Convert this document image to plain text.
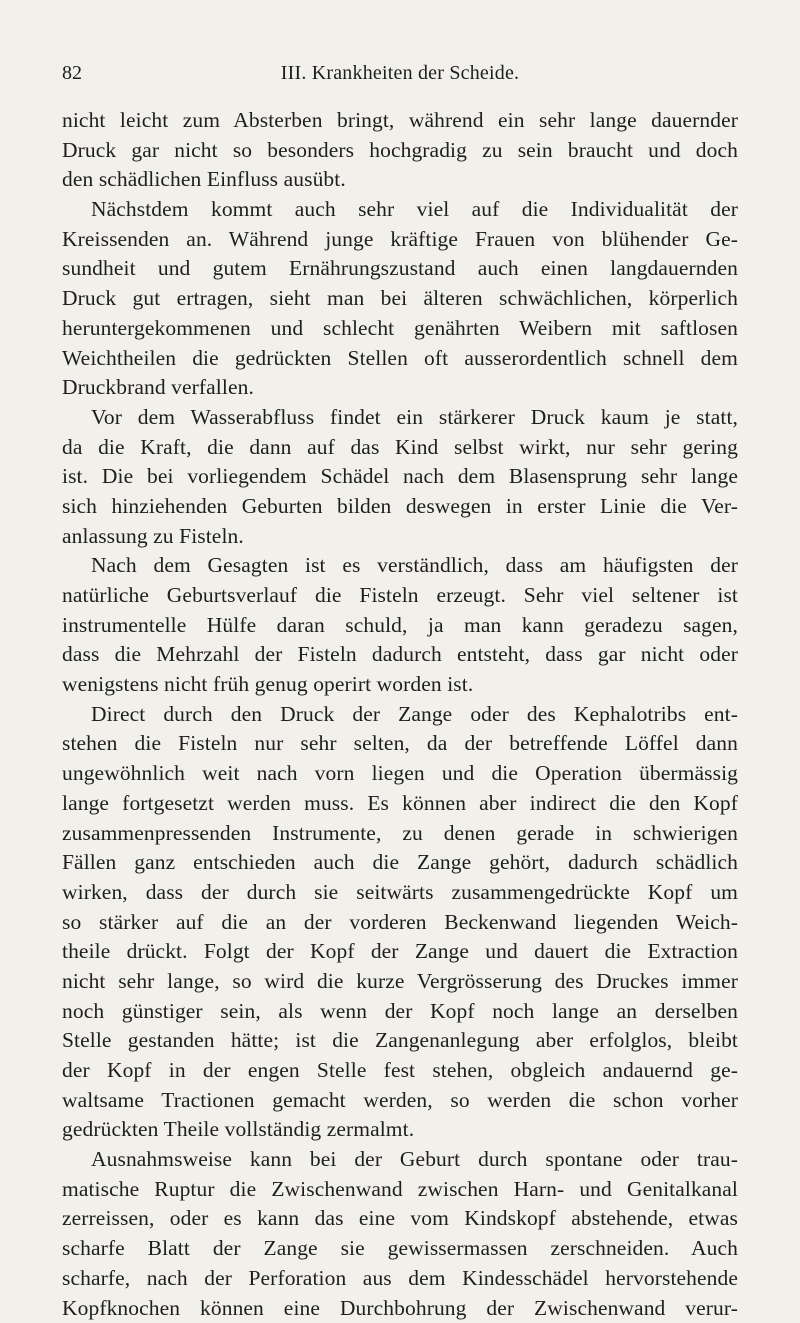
82	III. Krankheiten der Scheide.
nicht leicht zum Absterben bringt, während ein sehr lange dauernder
Druck gar nicht so besonders hochgradig zu sein braucht und doch
den schädlichen Einfluss ausübt.
Nächstdem kommt auch sehr viel auf die Individualität der
Kreissenden an. Während junge kräftige Frauen von blühender Ge-
sundheit und gutem Ernährungszustand auch einen langdauernden
Druck gut ertragen, sieht man bei älteren schwächlichen, körperlich
heruntergekommenen und schlecht genährten Weibern mit saftlosen
Weichtheilen die gedrückten Stellen oft ausserordentlich schnell dem
Druckbrand verfallen.
Vor dem Wasserabfluss findet ein stärkerer Druck kaum je statt,
da die Kraft, die dann auf das Kind selbst wirkt, nur sehr gering
ist. Die bei vorliegendem Schädel nach dem Blasensprung sehr lange
sich hinziehenden Geburten bilden deswegen in erster Linie die Ver-
anlassung zu Fisteln.
Nach dem Gesagten ist es verständlich, dass am häufigsten der
natürliche Geburtsverlauf die Fisteln erzeugt. Sehr viel seltener ist
instrumentelle Hülfe daran schuld, ja man kann geradezu sagen,
dass die Mehrzahl der Fisteln dadurch entsteht, dass gar nicht oder
wenigstens nicht früh genug operirt worden ist.
Direct durch den Druck der Zange oder des Kephalotribs ent-
stehen die Fisteln nur sehr selten, da der betreffende Löffel dann
ungewöhnlich weit nach vorn liegen und die Operation übermässig
lange fortgesetzt werden muss. Es können aber indirect die den Kopf
zusammenpressenden Instrumente, zu denen gerade in schwierigen
Fällen ganz entschieden auch die Zange gehört, dadurch schädlich
wirken, dass der durch sie seitwärts zusammengedrückte Kopf um
so stärker auf die an der vorderen Beckenwand liegenden Weich-
theile drückt. Folgt der Kopf der Zange und dauert die Extraction
nicht sehr lange, so wird die kurze Vergrösserung des Druckes immer
noch günstiger sein, als wenn der Kopf noch lange an derselben
Stelle gestanden hätte; ist die Zangenanlegung aber erfolglos, bleibt
der Kopf in der engen Stelle fest stehen, obgleich andauernd ge-
waltsame Tractionen gemacht werden, so werden die schon vorher
gedrückten Theile vollständig zermalmt.
Ausnahmsweise kann bei der Geburt durch spontane oder trau-
matische Ruptur die Zwischenwand zwischen Harn- und Genitalkanal
zerreissen, oder es kann das eine vom Kindskopf abstehende, etwas
scharfe Blatt der Zange sie gewissermassen zerschneiden. Auch
scharfe, nach der Perforation aus dem Kindesschädel hervorstehende
Kopfknochen können eine Durchbohrung der Zwischenwand verur-
